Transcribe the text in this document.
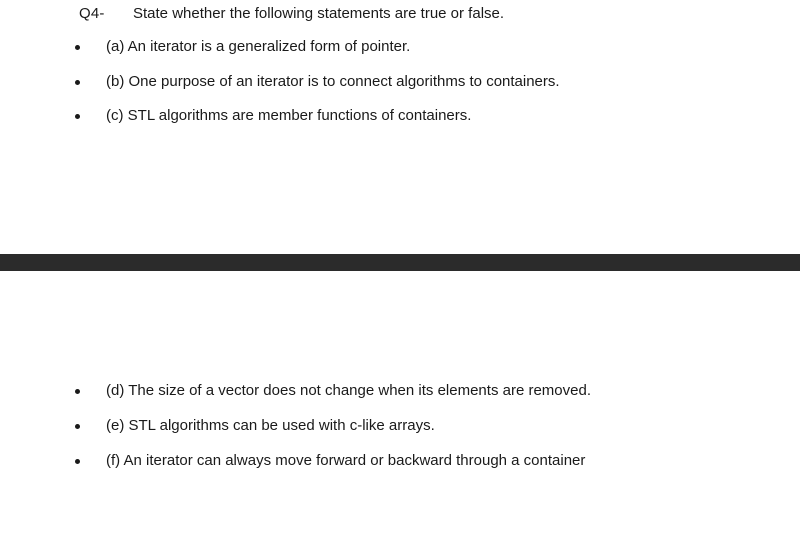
Q4- State whether the following statements are true or false.
(a) An iterator is a generalized form of pointer.
(b) One purpose of an iterator is to connect algorithms to containers.
(c) STL algorithms are member functions of containers.
(d) The size of a vector does not change when its elements are removed.
(e) STL algorithms can be used with c-like arrays.
(f) An iterator can always move forward or backward through a container
